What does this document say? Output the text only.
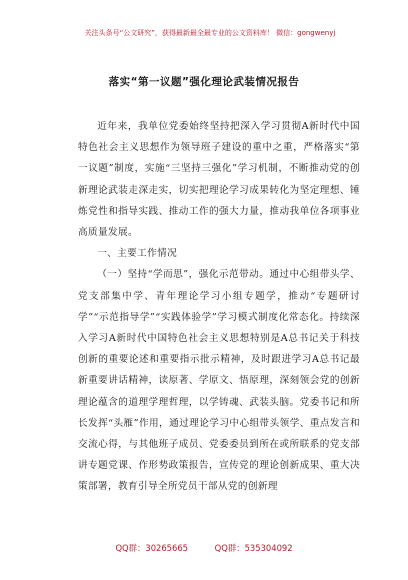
关注头条号“公文研究”，获得最新最全最专业的公文资料库！ 微信：gongwenyj
落实“第一议题”强化理论武装情况报告

近年来，我单位党委始终坚持把深入学习贯彻A新时代中国特色社会主义思想作为领导班子建设的重中之重，严格落实“第一议题”制度，实施“三坚持三强化”学习机制，不断推动党的创新理论武装走深走实，切实把理论学习成果转化为坚定理想、锤炼党性和指导实践、推动工作的强大力量，推动我单位各项事业高质量发展。

一、主要工作情况

（一）坚持“学而思”，强化示范带动。通过中心组带头学、党支部集中学、青年理论学习小组专题学，推动“专题研讨学”“示范指导学”“实践体验学”学习模式制度化常态化。持续深入学习A新时代中国特色社会主义思想特别是A总书记关于科技创新的重要论述和重要指示批示精神，及时跟进学习A总书记最新重要讲话精神，读原著、学原文、悟原理，深刻领会党的创新理论蕴含的道理学理哲理，以学铸魂、武装头脑。党委书记和所长发挥“头雁”作用，通过理论学习中心组带头领学、重点发言和交流心得，与其他班子成员、党委委员到所在或所联系的党支部讲专题党课、作形势政策报告，宣传党的理论创新成果、重大决策部署，教育引导全所党员干部从党的创新理

QQ群：30265665	QQ群：535304092
